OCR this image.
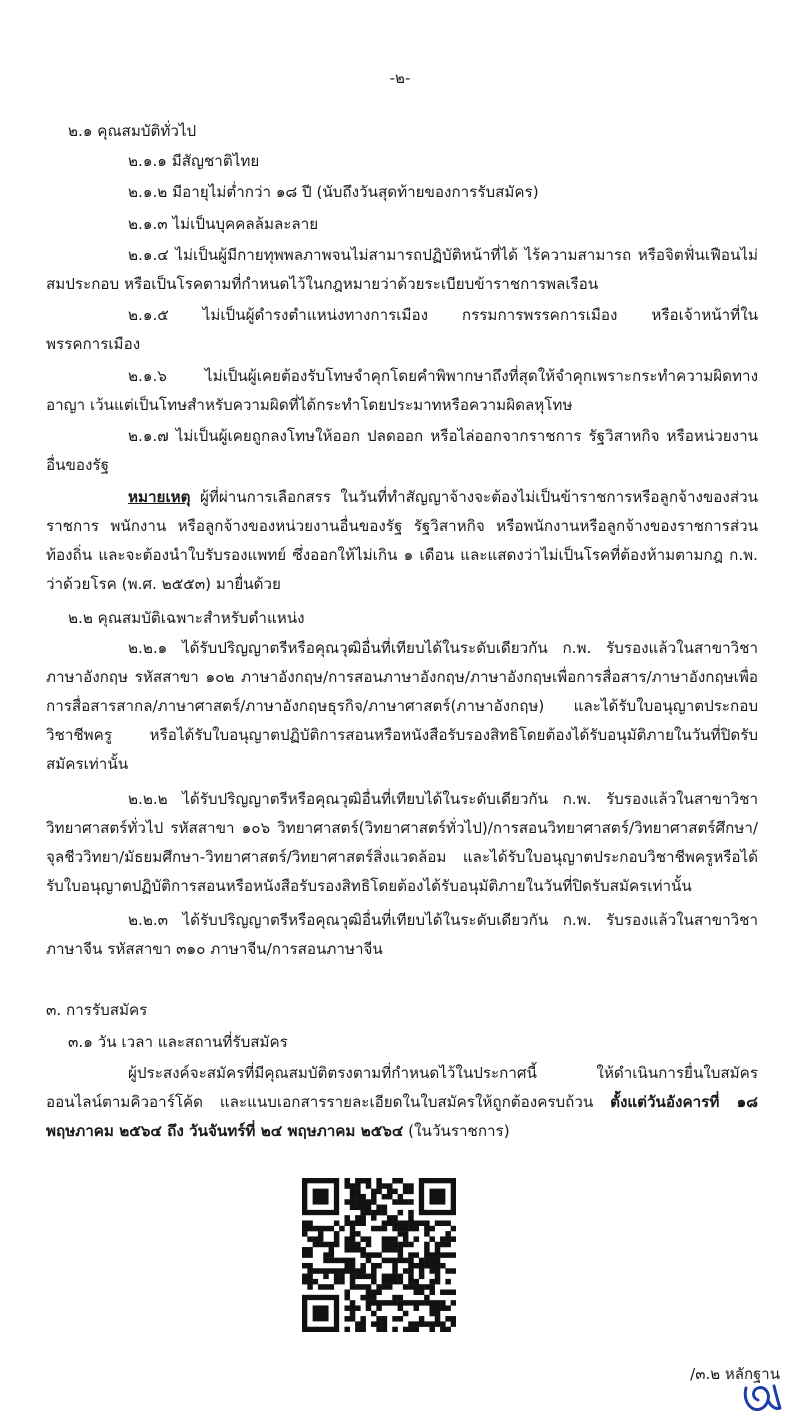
-๒-

๒.๑ คุณสมบัติทั่วไป

๒.๑.๑ มีสัญชาติไทย

๒.๑.๒ มีอายุไม่ต่ำกว่า ๑๘ ปี (นับถึงวันสุดท้ายของการรับสมัคร)

๒.๑.๓ ไม่เป็นบุคคลล้มละลาย

๒.๑.๔ ไม่เป็นผู้มีกายทุพพลภาพจนไม่สามารถปฏิบัติหน้าที่ได้ ไร้ความสามารถ หรือจิตฟั่นเฟือนไม่สมประกอบ หรือเป็นโรคตามที่กำหนดไว้ในกฎหมายว่าด้วยระเบียบข้าราชการพลเรือน

๒.๑.๕ ไม่เป็นผู้ดำรงตำแหน่งทางการเมือง กรรมการพรรคการเมือง หรือเจ้าหน้าที่ในพรรคการเมือง

๒.๑.๖ ไม่เป็นผู้เคยต้องรับโทษจำคุกโดยคำพิพากษาถึงที่สุดให้จำคุกเพราะกระทำความผิดทางอาญา เว้นแต่เป็นโทษสำหรับความผิดที่ได้กระทำโดยประมาทหรือความผิดลหุโทษ

๒.๑.๗ ไม่เป็นผู้เคยถูกลงโทษให้ออก ปลดออก หรือไล่ออกจากราชการ รัฐวิสาหกิจ หรือหน่วยงานอื่นของรัฐ

หมายเหตุ ผู้ที่ผ่านการเลือกสรร ในวันที่ทำสัญญาจ้างจะต้องไม่เป็นข้าราชการหรือลูกจ้างของส่วนราชการ พนักงาน หรือลูกจ้างของหน่วยงานอื่นของรัฐ รัฐวิสาหกิจ หรือพนักงานหรือลูกจ้างของราชการส่วนท้องถิ่น และจะต้องนำใบรับรองแพทย์ ซึ่งออกให้ไม่เกิน ๑ เดือน และแสดงว่าไม่เป็นโรคที่ต้องห้ามตามกฎ ก.พ. ว่าด้วยโรค (พ.ศ. ๒๕๕๓) มายื่นด้วย

๒.๒ คุณสมบัติเฉพาะสำหรับตำแหน่ง

๒.๒.๑ ได้รับปริญญาตรีหรือคุณวุฒิอื่นที่เทียบได้ในระดับเดียวกัน ก.พ. รับรองแล้วในสาขาวิชาภาษาอังกฤษ รหัสสาขา ๑๐๒ ภาษาอังกฤษ/การสอนภาษาอังกฤษ/ภาษาอังกฤษเพื่อการสื่อสาร/ภาษาอังกฤษเพื่อการสื่อสารสากล/ภาษาศาสตร์/ภาษาอังกฤษธุรกิจ/ภาษาศาสตร์(ภาษาอังกฤษ) และได้รับใบอนุญาตประกอบวิชาชีพครู หรือได้รับใบอนุญาตปฏิบัติการสอนหรือหนังสือรับรองสิทธิโดยต้องได้รับอนุมัติภายในวันที่ปิดรับสมัครเท่านั้น

๒.๒.๒ ได้รับปริญญาตรีหรือคุณวุฒิอื่นที่เทียบได้ในระดับเดียวกัน ก.พ. รับรองแล้วในสาขาวิชาวิทยาศาสตร์ทั่วไป รหัสสาขา ๑๐๖ วิทยาศาสตร์(วิทยาศาสตร์ทั่วไป)/การสอนวิทยาศาสตร์/วิทยาศาสตร์ศึกษา/จุลชีววิทยา/มัธยมศึกษา-วิทยาศาสตร์/วิทยาศาสตร์สิ่งแวดล้อม และได้รับใบอนุญาตประกอบวิชาชีพครูหรือได้รับใบอนุญาตปฏิบัติการสอนหรือหนังสือรับรองสิทธิโดยต้องได้รับอนุมัติภายในวันที่ปิดรับสมัครเท่านั้น

๒.๒.๓ ได้รับปริญญาตรีหรือคุณวุฒิอื่นที่เทียบได้ในระดับเดียวกัน ก.พ. รับรองแล้วในสาขาวิชาภาษาจีน รหัสสาขา ๓๑๐ ภาษาจีน/การสอนภาษาจีน

๓. การรับสมัคร

๓.๑ วัน เวลา และสถานที่รับสมัคร

ผู้ประสงค์จะสมัครที่มีคุณสมบัติตรงตามที่กำหนดไว้ในประกาศนี้ ให้ดำเนินการยื่นใบสมัครออนไลน์ตามคิวอาร์โค้ด และแนบเอกสารรายละเอียดในใบสมัครให้ถูกต้องครบถ้วน ตั้งแต่วันอังคารที่ ๑๘ พฤษภาคม ๒๕๖๔ ถึง วันจันทร์ที่ ๒๔ พฤษภาคม ๒๕๖๔ (ในวันราชการ)

/๓.๒ หลักฐาน
